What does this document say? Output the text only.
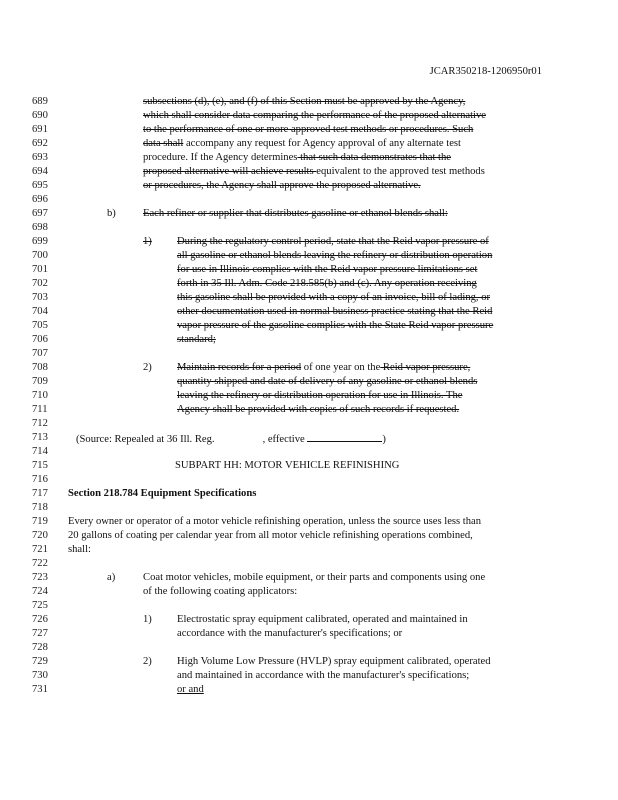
JCAR350218-1206950r01
689	subsections (d), (e), and (f) of this Section must be approved by the Agency,
690	which shall consider data comparing the performance of the proposed alternative
691	to the performance of one or more approved test methods or procedures. Such
692	data shall accompany any request for Agency approval of any alternate test
693	procedure. If the Agency determines that such data demonstrates that the
694	proposed alternative will achieve results equivalent to the approved test methods
695	or procedures, the Agency shall approve the proposed alternative.
696
697	b)	Each refiner or supplier that distributes gasoline or ethanol blends shall:
698
699	1) During the regulatory control period, state that the Reid vapor pressure of
700	all gasoline or ethanol blends leaving the refinery or distribution operation
701	for use in Illinois complies with the Reid vapor pressure limitations set
702	forth in 35 Ill. Adm. Code 218.585(b) and (c). Any operation receiving
703	this gasoline shall be provided with a copy of an invoice, bill of lading, or
704	other documentation used in normal business practice stating that the Reid
705	vapor pressure of the gasoline complies with the State Reid vapor pressure
706	standard;
707
708	2) Maintain records for a period of one year on the Reid vapor pressure,
709	quantity shipped and date of delivery of any gasoline or ethanol blends
710	leaving the refinery or distribution operation for use in Illinois. The
711	Agency shall be provided with copies of such records if requested.
712
713	(Source: Repealed at 36 Ill. Reg.	, effective	)
714
715	SUBPART HH: MOTOR VEHICLE REFINISHING
716
717	Section 218.784 Equipment Specifications
718
719	Every owner or operator of a motor vehicle refinishing operation, unless the source uses less than
720	20 gallons of coating per calendar year from all motor vehicle refinishing operations combined,
721	shall:
722
723	a)	Coat motor vehicles, mobile equipment, or their parts and components using one
724	of the following coating applicators:
725
726	1) Electrostatic spray equipment calibrated, operated and maintained in
727	accordance with the manufacturer's specifications; or
728
729	2) High Volume Low Pressure (HVLP) spray equipment calibrated, operated
730	and maintained in accordance with the manufacturer's specifications;
731	or and
